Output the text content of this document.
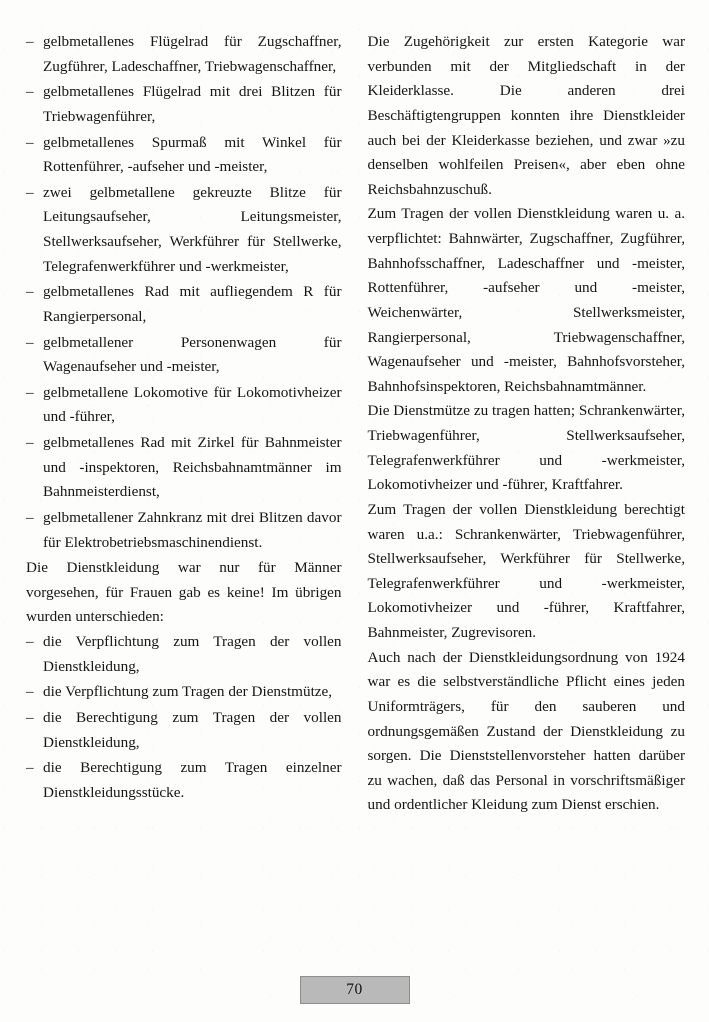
– gelbmetallenes Flügelrad für Zugschaffner, Zugführer, Ladeschaffner, Triebwagenschaffner,
– gelbmetallenes Flügelrad mit drei Blitzen für Triebwagenführer,
– gelbmetallenes Spurmaß mit Winkel für Rottenführer, -aufseher und -meister,
– zwei gelbmetallene gekreuzte Blitze für Leitungsaufseher, Leitungsmeister, Stellwerksaufseher, Werkführer für Stellwerke, Telegrafenwerkführer und -werkmeister,
– gelbmetallenes Rad mit aufliegendem R für Rangierpersonal,
– gelbmetallener Personenwagen für Wagenaufseher und -meister,
– gelbmetallene Lokomotive für Lokomotivheizer und -führer,
– gelbmetallenes Rad mit Zirkel für Bahnmeister und -inspektoren, Reichsbahnamtmänner im Bahnmeisterdienst,
– gelbmetallener Zahnkranz mit drei Blitzen davor für Elektrobetriebsmaschinendienst.

Die Dienstkleidung war nur für Männer vorgesehen, für Frauen gab es keine! Im übrigen wurden unterschieden:

– die Verpflichtung zum Tragen der vollen Dienstkleidung,
– die Verpflichtung zum Tragen der Dienstmütze,
– die Berechtigung zum Tragen der vollen Dienstkleidung,
– die Berechtigung zum Tragen einzelner Dienstkleidungsstücke.

Die Zugehörigkeit zur ersten Kategorie war verbunden mit der Mitgliedschaft in der Kleiderklasse. Die anderen drei Beschäftigtengruppen konnten ihre Dienstkleider auch bei der Kleiderkasse beziehen, und zwar »zu denselben wohlfeilen Preisen«, aber eben ohne Reichsbahnzuschuß.

Zum Tragen der vollen Dienstkleidung waren u. a. verpflichtet: Bahnwärter, Zugschaffner, Zugführer, Bahnhofsschaffner, Ladeschaffner und -meister, Rottenführer, -aufseher und -meister, Weichenwärter, Stellwerksmeister, Rangierpersonal, Triebwagenschaffner, Wagenaufseher und -meister, Bahnhofsvorsteher, Bahnhofsinspektoren, Reichsbahnamtmänner.

Die Dienstmütze zu tragen hatten; Schrankenwärter, Triebwagenführer, Stellwerksaufseher, Telegrafenwerkführer und -werkmeister, Lokomotivheizer und -führer, Kraftfahrer.

Zum Tragen der vollen Dienstkleidung berechtigt waren u.a.: Schrankenwärter, Triebwagenführer, Stellwerksaufseher, Werkführer für Stellwerke, Telegrafenwerkführer und -werkmeister, Lokomotivheizer und -führer, Kraftfahrer, Bahnmeister, Zugrevisoren.

Auch nach der Dienstkleidungsordnung von 1924 war es die selbstverständliche Pflicht eines jeden Uniformträgers, für den sauberen und ordnungsgemäßen Zustand der Dienstkleidung zu sorgen. Die Dienststellenvorsteher hatten darüber zu wachen, daß das Personal in vorschriftsmäßiger und ordentlicher Kleidung zum Dienst erschien.

70
